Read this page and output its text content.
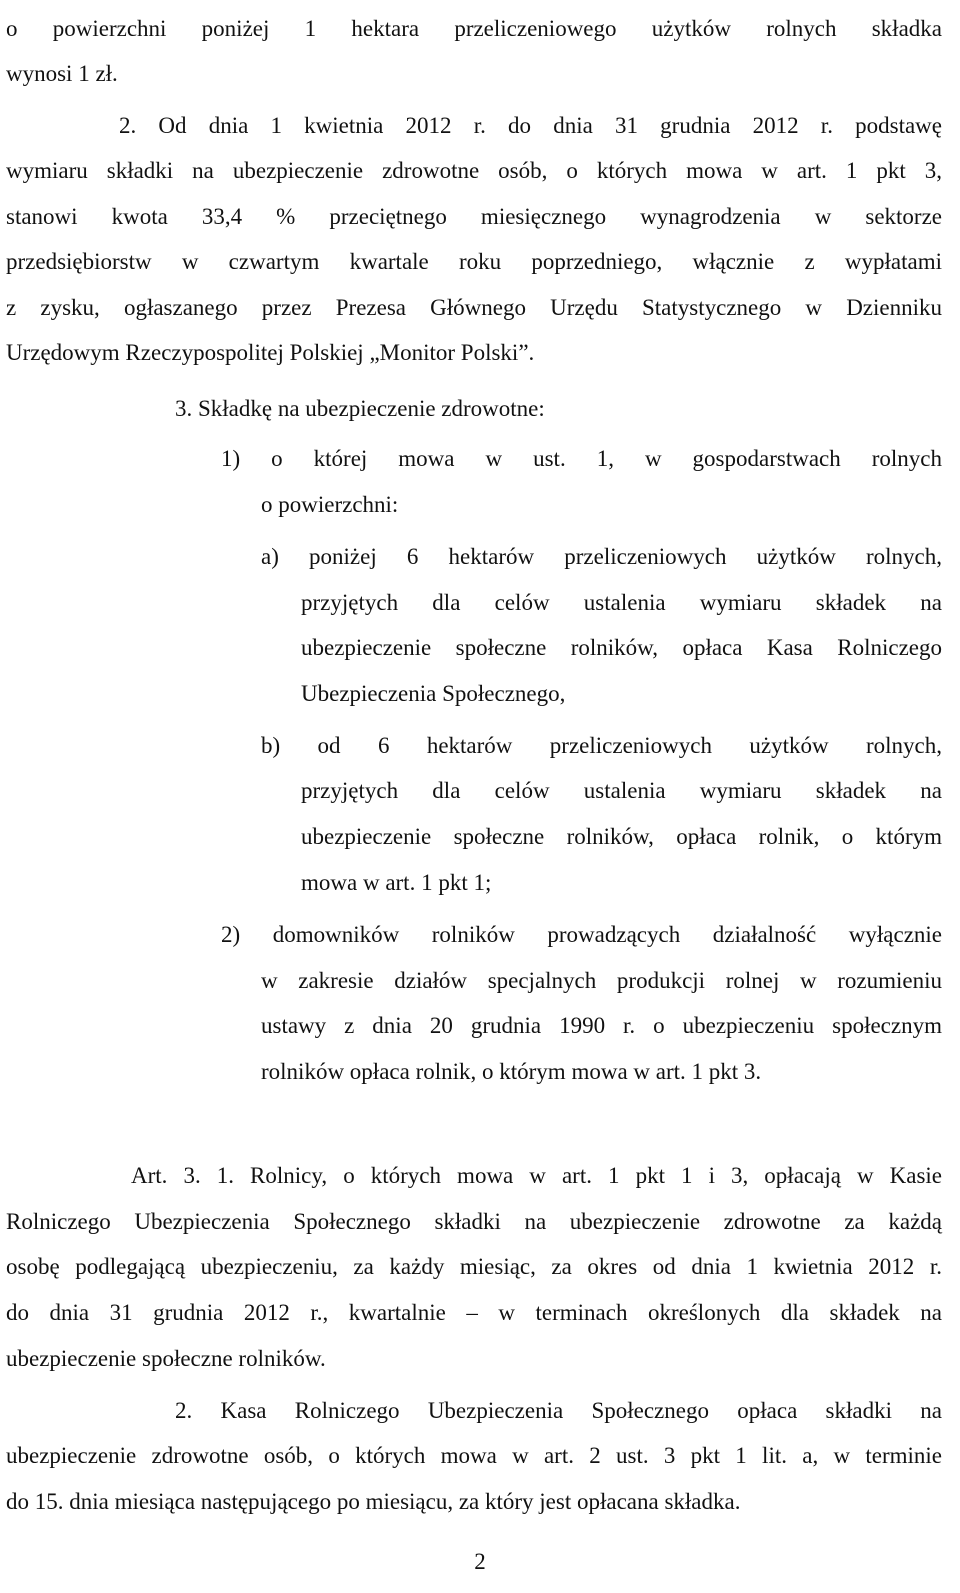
o powierzchni poniżej 1 hektara przeliczeniowego użytków rolnych składka
wynosi 1 zł.
2. Od dnia 1 kwietnia 2012 r. do dnia 31 grudnia 2012 r. podstawę
wymiaru składki na ubezpieczenie zdrowotne osób, o których mowa w art. 1 pkt 3,
stanowi kwota 33,4 % przeciętnego miesięcznego wynagrodzenia w sektorze
przedsiębiorstw w czwartym kwartale roku poprzedniego, włącznie z wypłatami
z zysku, ogłaszanego przez Prezesa Głównego Urzędu Statystycznego w Dzienniku
Urzędowym Rzeczypospolitej Polskiej „Monitor Polski”.
3. Składkę na ubezpieczenie zdrowotne:
1) o której mowa w ust. 1, w gospodarstwach rolnych
o powierzchni:
a) poniżej 6 hektarów przeliczeniowych użytków rolnych,
przyjętych dla celów ustalenia wymiaru składek na
ubezpieczenie społeczne rolników, opłaca Kasa Rolniczego
Ubezpieczenia Społecznego,
b) od 6 hektarów przeliczeniowych użytków rolnych,
przyjętych dla celów ustalenia wymiaru składek na
ubezpieczenie społeczne rolników, opłaca rolnik, o którym
mowa w art. 1 pkt 1;
2) domowników rolników prowadzących działalność wyłącznie
w zakresie działów specjalnych produkcji rolnej w rozumieniu
ustawy z dnia 20 grudnia 1990 r. o ubezpieczeniu społecznym
rolników opłaca rolnik, o którym mowa w art. 1 pkt 3.
Art. 3. 1. Rolnicy, o których mowa w art. 1 pkt 1 i 3, opłacają w Kasie
Rolniczego Ubezpieczenia Społecznego składki na ubezpieczenie zdrowotne za każdą
osobę podlegającą ubezpieczeniu, za każdy miesiąc, za okres od dnia 1 kwietnia 2012 r.
do dnia 31 grudnia 2012 r., kwartalnie – w terminach określonych dla składek na
ubezpieczenie społeczne rolników.
2. Kasa Rolniczego Ubezpieczenia Społecznego opłaca składki na
ubezpieczenie zdrowotne osób, o których mowa w art. 2 ust. 3 pkt 1 lit. a, w terminie
do 15. dnia miesiąca następującego po miesiącu, za który jest opłacana składka.
2
